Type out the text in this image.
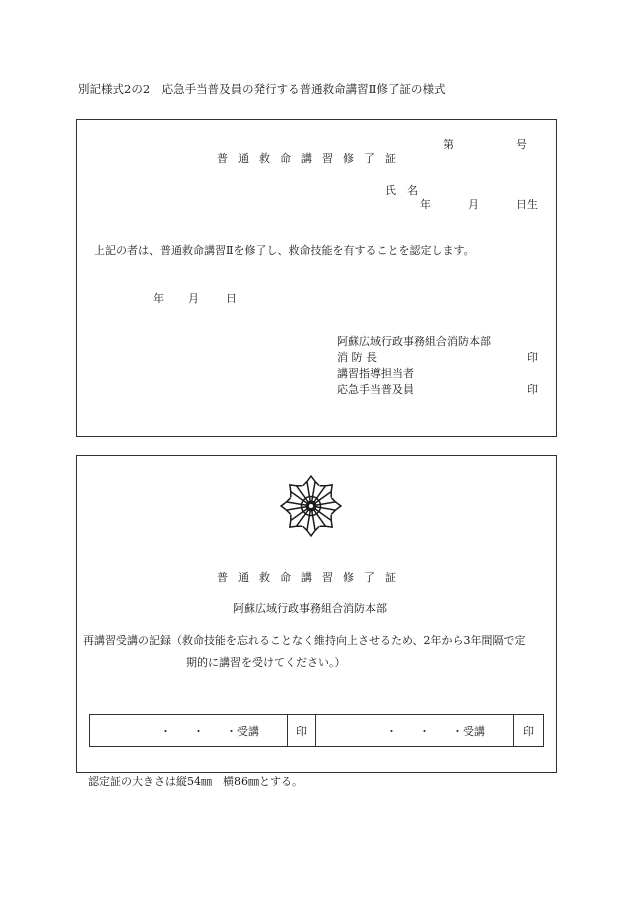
別記様式2の2　応急手当普及員の発行する普通救命講習Ⅱ修了証の様式
第	号
普通救命講習修了証
氏　名
年	月	日生
上記の者は、普通救命講習Ⅱを修了し、救命技能を有することを認定します。
年 月 日
阿蘇広域行政事務組合消防本部
消 防 長	印
講習指導担当者
応急手当普及員	印
普通救命講習修了証
阿蘇広域行政事務組合消防本部
再講習受講の記録（救命技能を忘れることなく維持向上させるため、2年から3年間隔で定
期的に講習を受けてください。）
・　　・　　・受講	印	・　　・　　・受講	印
認定証の大きさは縦54㎜　横86㎜とする。
